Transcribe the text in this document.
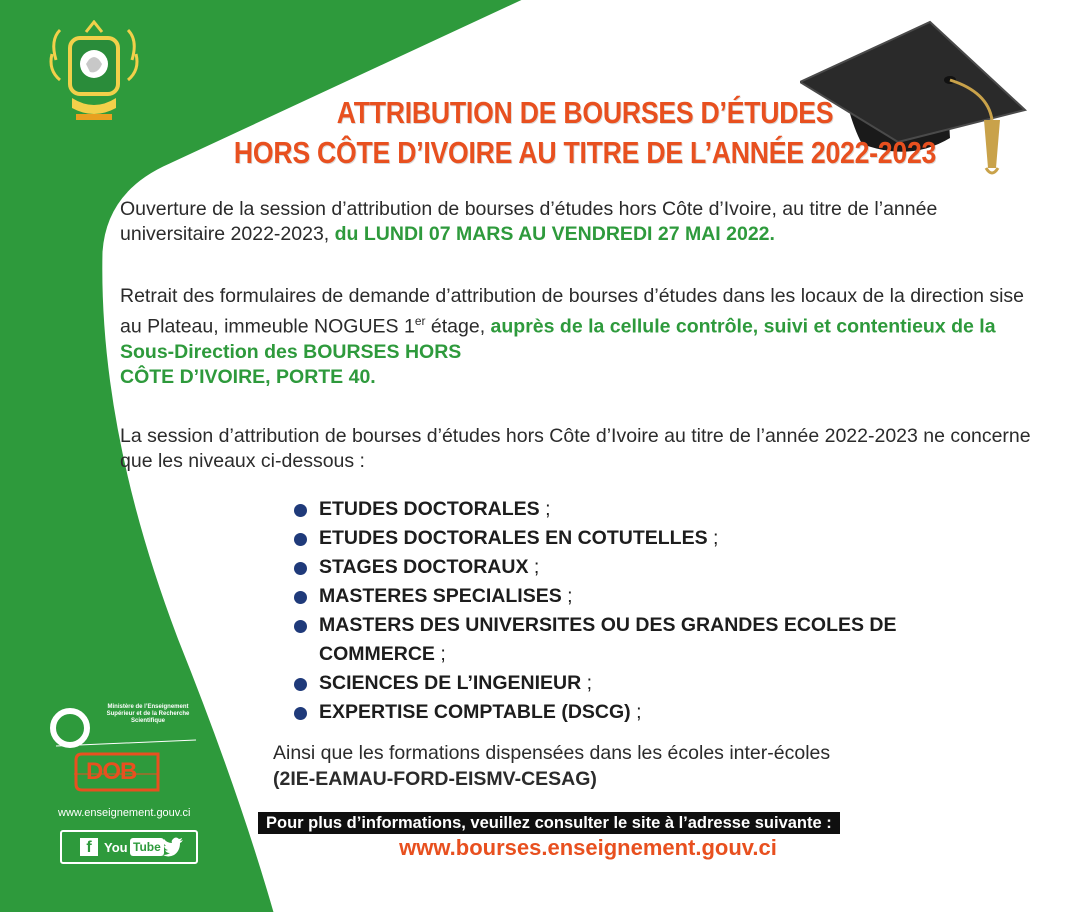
ATTRIBUTION DE BOURSES D’ÉTUDES
HORS CÔTE D’IVOIRE AU TITRE DE L’ANNÉE 2022-2023
Ouverture de la session d’attribution de bourses d’études hors Côte d’Ivoire, au titre de l’année universitaire 2022-2023, du LUNDI 07 MARS AU VENDREDI 27 MAI 2022.
Retrait des formulaires de demande d’attribution de bourses d’études dans les locaux de la direction sise au Plateau, immeuble NOGUES 1er étage, auprès de la cellule contrôle, suivi et contentieux de la Sous-Direction des BOURSES HORS
CÔTE D’IVOIRE, PORTE 40.
La session d’attribution de bourses d’études hors Côte d’Ivoire au titre de l’année 2022-2023 ne concerne que les niveaux ci-dessous :
ETUDES DOCTORALES ;
ETUDES DOCTORALES EN COTUTELLES ;
STAGES DOCTORAUX ;
MASTERES SPECIALISES ;
MASTERS DES UNIVERSITES OU DES GRANDES ECOLES DE COMMERCE ;
SCIENCES DE L’INGENIEUR ;
EXPERTISE COMPTABLE (DSCG) ;
Ainsi que les formations dispensées dans les écoles inter-écoles
(2IE-EAMAU-FORD-EISMV-CESAG)
Pour plus d’informations, veuillez consulter le site à l’adresse suivante :
www.bourses.enseignement.gouv.ci
Ministère de l’Enseignement Supérieur et de la Recherche Scientifique
DOB
www.enseignement.gouv.ci
f You Tube
